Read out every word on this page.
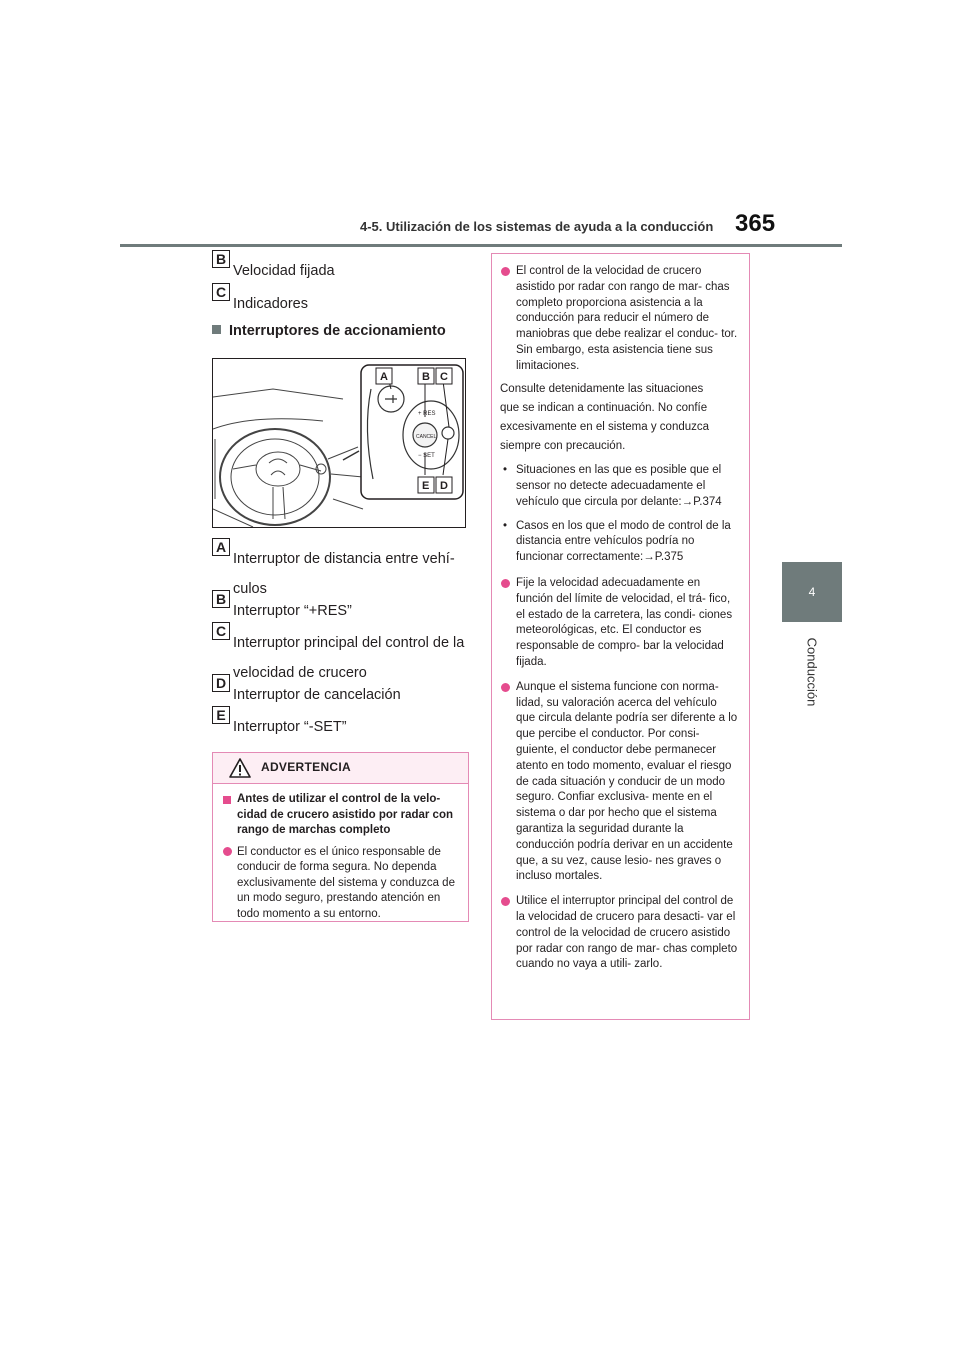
4-5. Utilización de los sistemas de ayuda a la conducción 365
4
Conducción
B
Velocidad fijada
C
Indicadores
Interruptores de accionamiento
+ RES
CANCEL
− SET
A	B C
E D
A
Interruptor de distancia entre vehí-
culos
B
Interruptor “+RES”
C
Interruptor principal del control de la
velocidad de crucero
D
Interruptor de cancelación
E
Interruptor “-SET”
ADVERTENCIA
Antes de utilizar el control de la velo- cidad de crucero asistido por radar con rango de marchas completo
El conductor es el único responsable de conducir de forma segura. No dependa exclusivamente del sistema y conduzca de un modo seguro, prestando atención en todo momento a su entorno.
El control de la velocidad de crucero asistido por radar con rango de mar- chas completo proporciona asistencia a la conducción para reducir el número de maniobras que debe realizar el conduc- tor. Sin embargo, esta asistencia tiene sus limitaciones.
Consulte detenidamente las situaciones
que se indican a continuación. No confíe
excesivamente en el sistema y conduzca
siempre con precaución.
• Situaciones en las que es posible que el sensor no detecte adecuadamente el vehículo que circula por delante:→P.374
• Casos en los que el modo de control de la distancia entre vehículos podría no funcionar correctamente:→P.375
Fije la velocidad adecuadamente en función del límite de velocidad, el trá- fico, el estado de la carretera, las condi- ciones meteorológicas, etc. El conductor es responsable de compro- bar la velocidad fijada.
Aunque el sistema funcione con norma- lidad, su valoración acerca del vehículo que circula delante podría ser diferente a lo que percibe el conductor. Por consi- guiente, el conductor debe permanecer atento en todo momento, evaluar el riesgo de cada situación y conducir de un modo seguro. Confiar exclusiva- mente en el sistema o dar por hecho que el sistema garantiza la seguridad durante la conducción podría derivar en un accidente que, a su vez, cause lesio- nes graves o incluso mortales.
Utilice el interruptor principal del control de la velocidad de crucero para desacti- var el control de la velocidad de crucero asistido por radar con rango de mar- chas completo cuando no vaya a utili- zarlo.
